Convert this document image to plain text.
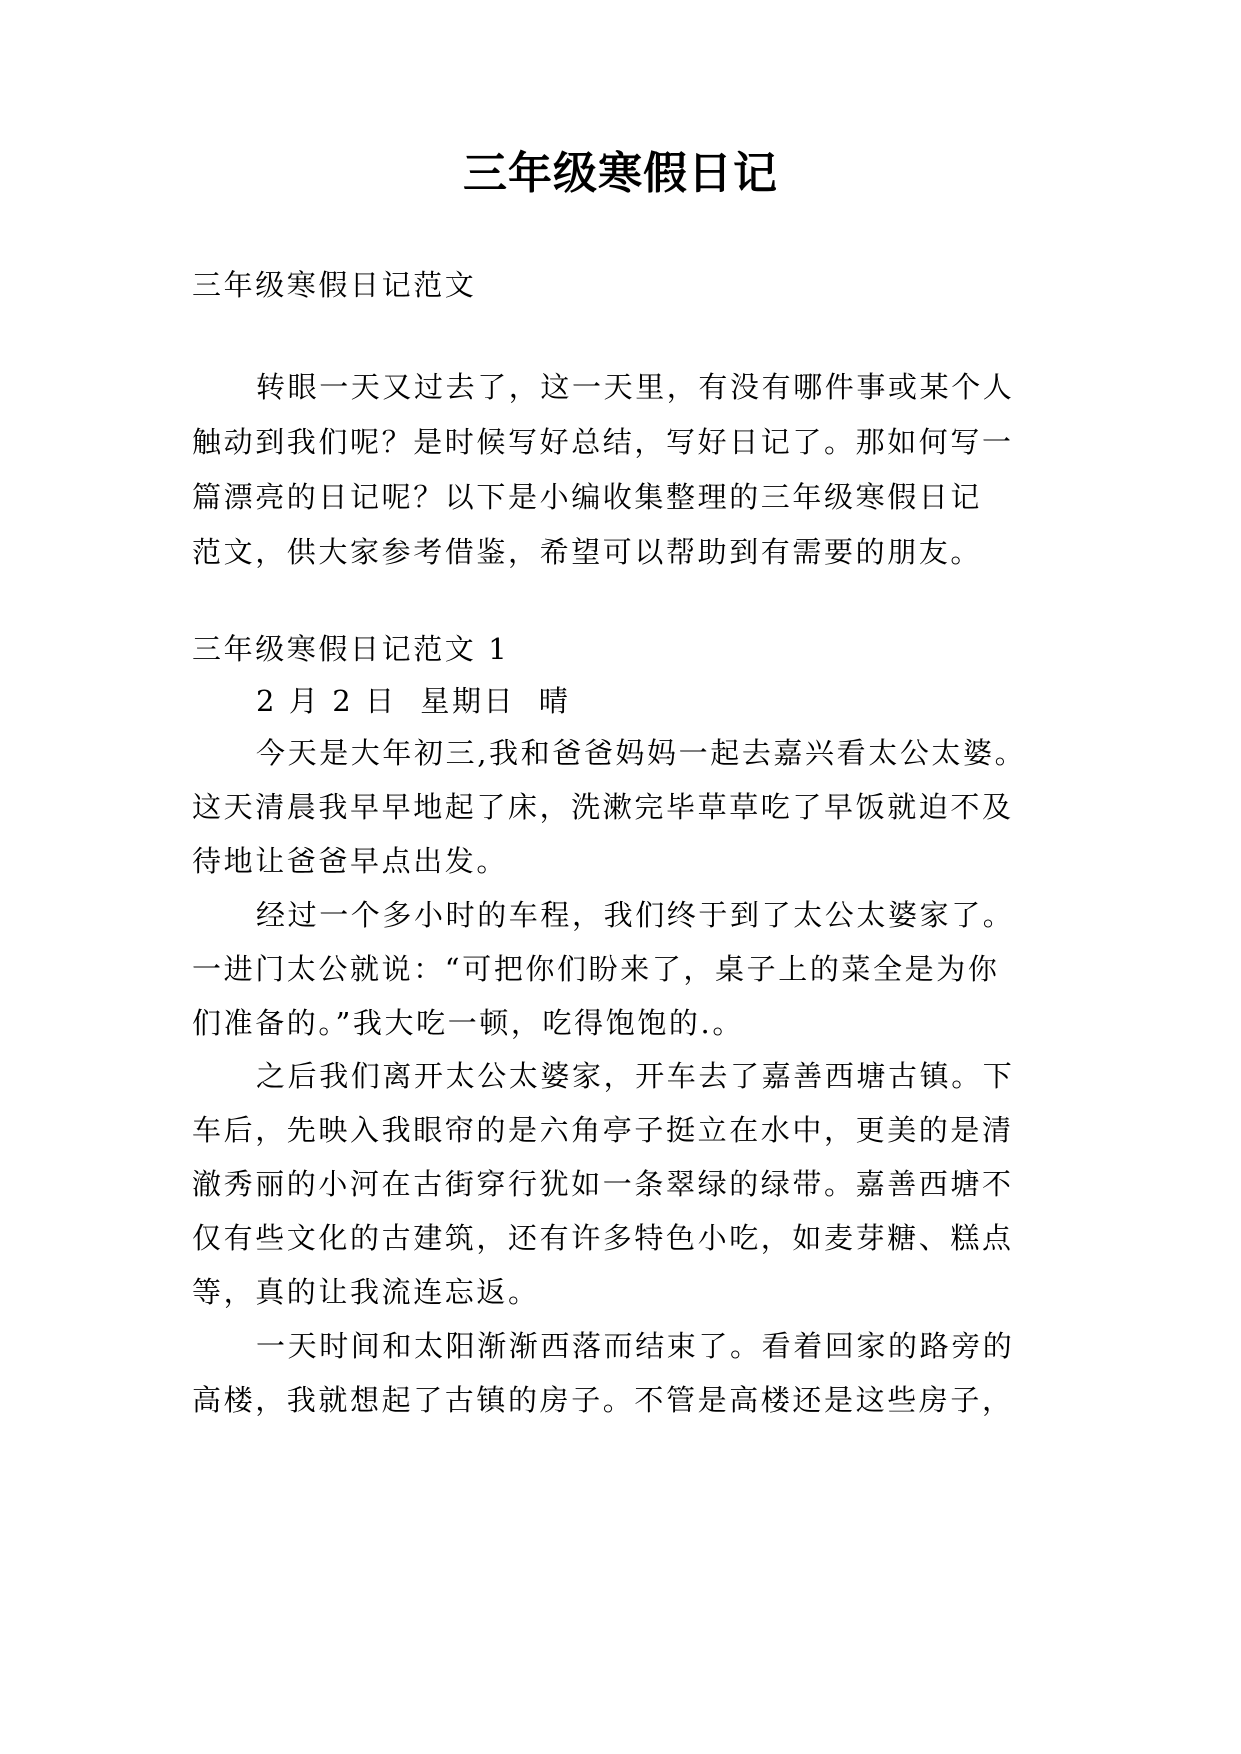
三年级寒假日记
三年级寒假日记范文
转眼一天又过去了，这一天里，有没有哪件事或某个人
触动到我们呢？是时候写好总结，写好日记了。那如何写一
篇漂亮的日记呢？以下是小编收集整理的三年级寒假日记
范文，供大家参考借鉴，希望可以帮助到有需要的朋友。
三年级寒假日记范文 1
2 月 2 日  星期日  晴
今天是大年初三,我和爸爸妈妈一起去嘉兴看太公太婆。
这天清晨我早早地起了床，洗漱完毕草草吃了早饭就迫不及
待地让爸爸早点出发。
经过一个多小时的车程，我们终于到了太公太婆家了。
一进门太公就说：“可把你们盼来了，桌子上的菜全是为你
们准备的。”我大吃一顿，吃得饱饱的.。
之后我们离开太公太婆家，开车去了嘉善西塘古镇。下
车后，先映入我眼帘的是六角亭子挺立在水中，更美的是清
澈秀丽的小河在古街穿行犹如一条翠绿的绿带。嘉善西塘不
仅有些文化的古建筑，还有许多特色小吃，如麦芽糖、糕点
等，真的让我流连忘返。
一天时间和太阳渐渐西落而结束了。看着回家的路旁的
高楼，我就想起了古镇的房子。不管是高楼还是这些房子，
